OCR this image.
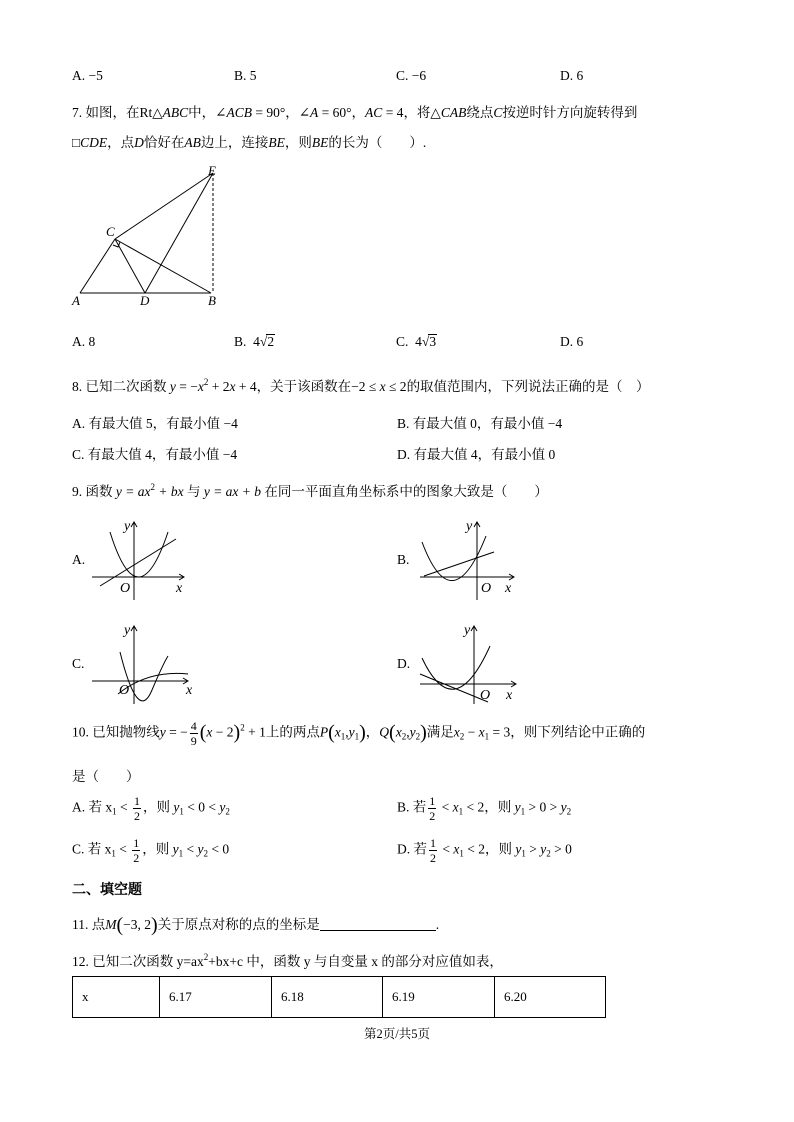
A. −5	B. 5	C. −6	D. 6
7. 如图，在Rt△ABC中，∠ACB = 90°，∠A = 60°，AC = 4，将△CAB绕点C按逆时针方向旋转得到
□CDE，点D恰好在AB边上，连接BE，则BE的长为（　　）.
E
C
A	D	B
A. 8	B. 4√2	C. 4√3	D. 6
8. 已知二次函数 $y = -x^2 + 2x + 4$，关于该函数在−2 ≤ x ≤ 2的取值范围内，下列说法正确的是（　）
A. 有最大值 5，有最小值 −4	B. 有最大值 0，有最小值 −4
C. 有最大值 4，有最小值 −4	D. 有最大值 4，有最小值 0
9. 函数 $y = ax^2$ + bx 与 y = ax + b 在同一平面直角坐标系中的图象大致是（　　）
A.
y
x
O
B.
y
x
O
C.
y
x
O
D.
y
x
O
10. 已知抛物线y = − $\frac{4}{9} (x - 2)^2 + 1$上的两点$P(x_1,y_1)$，$Q(x_2,y_2)$满足$x_2 - x_1 = 3$，则下列结论中正确的
是（　　）
A. 若 $x_1 < \frac{1}{2}$ ，则 $y_1 < 0 < y_2$	B. 若 $\frac{1}{2} < x_1 < 2$，则 $y_1 > 0 > y_2$
C. 若 $x_1 < \frac{1}{2}$ ，则 $y_1 < y_2 < 0$	D. 若 $\frac{1}{2} < x_1 < 2$，则 $y_1 > y_2 > 0$
二、填空题
11. 点M(−3, 2)关于原点对称的点的坐标是	.
12. 已知二次函数 $y=ax^2+bx+c$ 中，函数 y 与自变量 x 的部分对应值如表，
x	6.17	6.18	6.19	6.20
第2页/共5页
